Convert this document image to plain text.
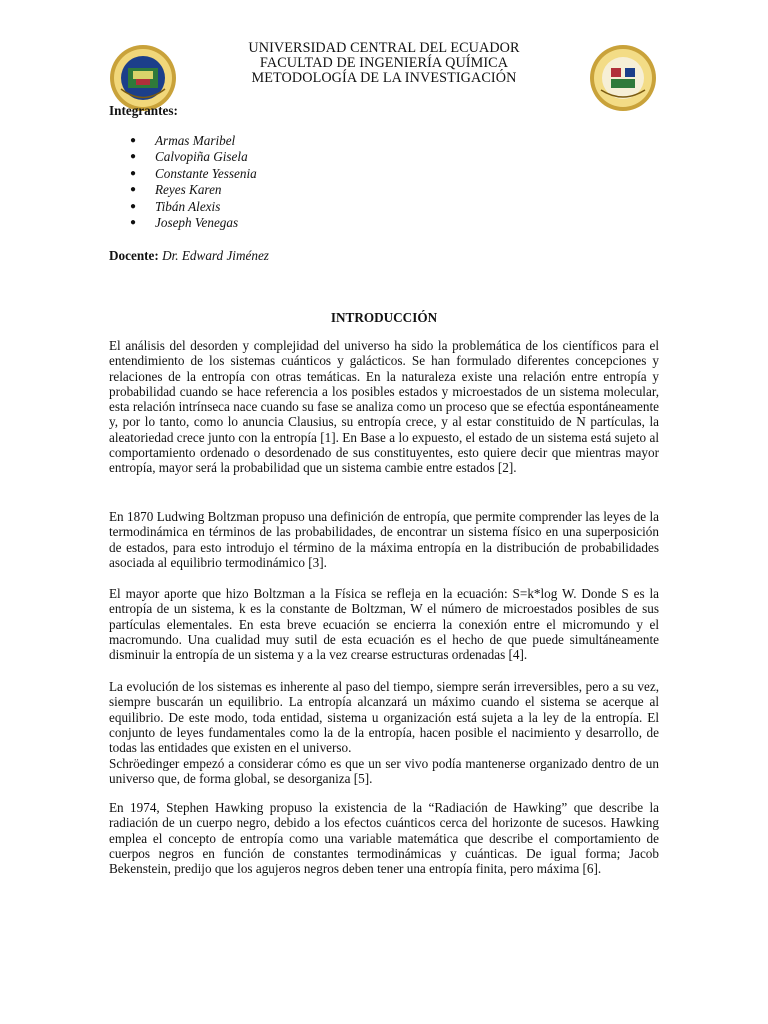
UNIVERSIDAD CENTRAL DEL ECUADOR
FACULTAD DE INGENIERÍA QUÍMICA
METODOLOGÍA DE LA INVESTIGACIÓN
Integrantes:
● Armas Maribel
● Calvopiña Gisela
● Constante Yessenia
● Reyes Karen
● Tibán Alexis
● Joseph Venegas
Docente: Dr. Edward Jiménez
INTRODUCCIÓN

El análisis del desorden y complejidad del universo ha sido la problemática de los científicos para el entendimiento de los sistemas cuánticos y galácticos. Se han formulado diferentes concepciones y relaciones de la entropía con otras temáticas. En la naturaleza existe una relación entre entropía y probabilidad cuando se hace referencia a los posibles estados y microestados de un sistema molecular, esta relación intrínseca nace cuando su fase se analiza como un proceso que se efectúa espontáneamente y, por lo tanto, como lo anuncia Clausius, su entropía crece, y al estar constituido de N partículas, la aleatoriedad crece junto con la entropía [1]. En Base a lo expuesto, el estado de un sistema está sujeto al comportamiento ordenado o desordenado de sus constituyentes, esto quiere decir que mientras mayor entropía, mayor será la probabilidad que un sistema cambie entre estados [2].

En 1870 Ludwing Boltzman propuso una definición de entropía, que permite comprender las leyes de la termodinámica en términos de las probabilidades, de encontrar un sistema físico en una superposición de estados, para esto introdujo el término de la máxima entropía en la distribución de probabilidades asociada al equilibrio termodinámico [3].

El mayor aporte que hizo Boltzman a la Física se refleja en la ecuación: S=k*log W. Donde S es la entropía de un sistema, k es la constante de Boltzman, W el número de microestados posibles de sus partículas elementales. En esta breve ecuación se encierra la conexión entre el micromundo y el macromundo. Una cualidad muy sutil de esta ecuación es el hecho de que puede simultáneamente disminuir la entropía de un sistema y a la vez crearse estructuras ordenadas [4].

La evolución de los sistemas es inherente al paso del tiempo, siempre serán irreversibles, pero a su vez, siempre buscarán un equilibrio. La entropía alcanzará un máximo cuando el sistema se acerque al equilibrio. De este modo, toda entidad, sistema u organización está sujeta a la ley de la entropía. El conjunto de leyes fundamentales como la de la entropía, hacen posible el nacimiento y desarrollo, de todas las entidades que existen en el universo.

Schröedinger empezó a considerar cómo es que un ser vivo podía mantenerse organizado dentro de un universo que, de forma global, se desorganiza [5].

En 1974, Stephen Hawking propuso la existencia de la “Radiación de Hawking” que describe la radiación de un cuerpo negro, debido a los efectos cuánticos cerca del horizonte de sucesos. Hawking emplea el concepto de entropía como una variable matemática que describe el comportamiento de cuerpos negros en función de constantes termodinámicas y cuánticas. De igual forma; Jacob Bekenstein, predijo que los agujeros negros deben tener una entropía finita, pero máxima [6].
